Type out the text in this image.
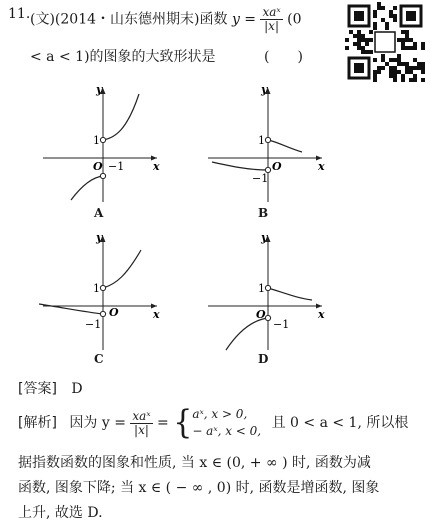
11. (文)(2014・山东德州期末)函数 $y = \frac{\text{xaˣ}}{|x|} (0$
< a < 1)的图象的大致形状是	(　　)
y
x
O
1
−1
A
y
x
O
1
−1
B
y
x
O
1
−1
C
y
x
O
1
−1
D
[答案] D
[解析] 因为 $y = \frac{\text{xaˣ}}{|x|}$ = { aˣ, x > 0,
− aˣ, x < 0, 且 0 < a < 1, 所以根
据指数函数的图象和性质, 当 x ∈ (0, + ∞ ) 时, 函数为减
函数, 图象下降; 当 x ∈ ( − ∞ , 0) 时, 函数是增函数, 图象
上升, 故选 D.
